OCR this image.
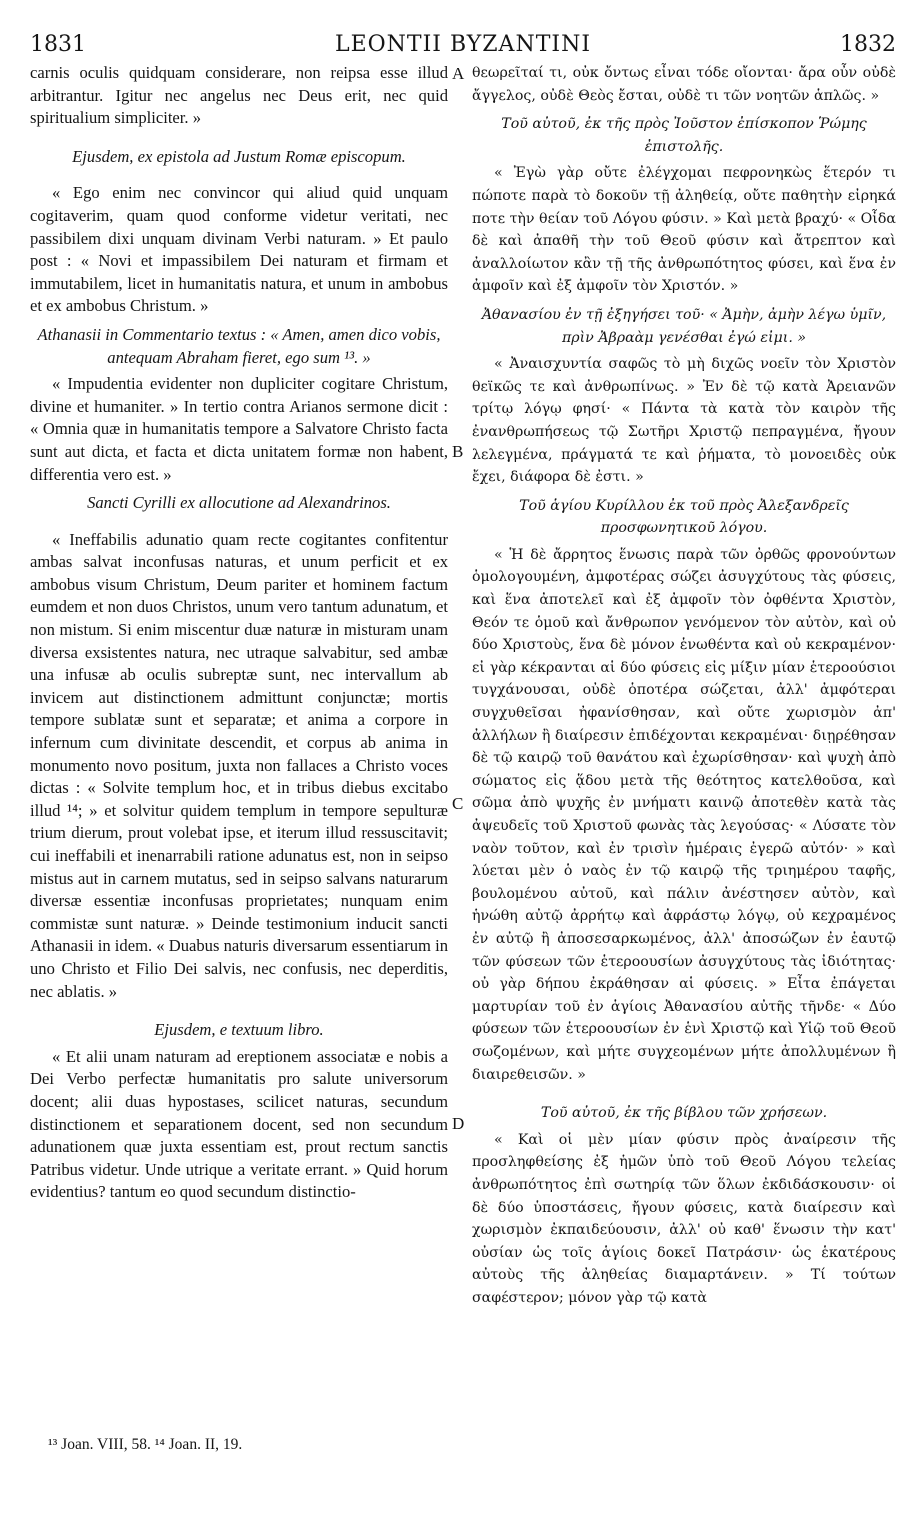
LEONTII BYZANTINI
1831	1832

carnis oculis quidquam considerare, non reipsa esse illud arbitrantur. Igitur nec angelus nec Deus erit, nec quid spiritualium simpliciter. »

Ejusdem, ex epistola ad Justum Romæ episcopum.

« Ego enim nec convincor qui aliud quid unquam cogitaverim, quam quod conforme videtur veritati, nec passibilem dixi unquam divinam Verbi naturam. » Et paulo post : « Novi et impassibilem Dei naturam et firmam et immutabilem, licet in humanitatis natura, et unum in ambobus et ex ambobus Christum. »

Athanasii in Commentario textus : « Amen, amen dico vobis, antequam Abraham fieret, ego sum ¹³. »

« Impudentia evidenter non dupliciter cogitare Christum, divine et humaniter. » In tertio contra Arianos sermone dicit : « Omnia quæ in humanitatis tempore a Salvatore Christo facta sunt aut dicta, et facta et dicta unitatem formæ non habent, differentia vero est. »

Sancti Cyrilli ex allocutione ad Alexandrinos.

« Ineffabilis adunatio quam recte cogitantes confitentur ambas salvat inconfusas naturas, et unum perficit et ex ambobus visum Christum, Deum pariter et hominem factum eumdem et non duos Christos, unum vero tantum adunatum, et non mistum. Si enim miscentur duæ naturæ in misturam unam diversa exsistentes natura, nec utraque salvabitur, sed ambæ una infusæ ab oculis subreptæ sunt, nec intervallum ab invicem aut distinctionem admittunt conjunctæ; mortis tempore sublatæ sunt et separatæ; et anima a corpore in infernum cum divinitate descendit, et corpus ab anima in monumento novo positum, juxta non fallaces a Christo voces dictas : « Solvite templum hoc, et in tribus diebus excitabo illud ¹⁴; » et solvitur quidem templum in tempore sepulturæ trium dierum, prout volebat ipse, et iterum illud ressuscitavit; cui ineffabili et inenarrabili ratione adunatus est, non in seipso mistus aut in carnem mutatus, sed in seipso salvans naturarum diversæ essentiæ inconfusas proprietates; nunquam enim commistæ sunt naturæ. » Deinde testimonium inducit sancti Athanasii in idem. « Duabus naturis diversarum essentiarum in uno Christo et Filio Dei salvis, nec confusis, nec deperditis, nec ablatis. »

Ejusdem, e textuum libro.

« Et alii unam naturam ad ereptionem associatæ e nobis a Dei Verbo perfectæ humanitatis pro salute universorum docent; alii duas hypostases, scilicet naturas, secundum distinctionem et separationem docent, sed non secundum adunationem quæ juxta essentiam est, prout rectum sanctis Patribus videtur. Unde utrique a veritate errant. » Quid horum evidentius? tantum eo quod secundum distinctio-

A
B
C
D

θεωρεῖταί τι, οὐκ ὄντως εἶναι τόδε οἴονται· ἄρα οὖν οὐδὲ ἄγγελος, οὐδὲ Θεὸς ἔσται, οὐδὲ τι τῶν νοητῶν ἁπλῶς. »

Τοῦ αὐτοῦ, ἐκ τῆς πρὸς Ἰοῦστον ἐπίσκοπον Ῥώμης ἐπιστολῆς.

« Ἐγὼ γὰρ οὔτε ἐλέγχομαι πεφρονηκὼς ἕτερόν τι πώποτε παρὰ τὸ δοκοῦν τῇ ἀληθείᾳ, οὔτε παθητὴν εἰρηκά ποτε τὴν θείαν τοῦ Λόγου φύσιν. » Καὶ μετὰ βραχύ· « Οἶδα δὲ καὶ ἀπαθῆ τὴν τοῦ Θεοῦ φύσιν καὶ ἄτρεπτον καὶ ἀναλλοίωτον κἂν τῇ τῆς ἀνθρωπότητος φύσει, καὶ ἕνα ἐν ἀμφοῖν καὶ ἐξ ἀμφοῖν τὸν Χριστόν. »

Ἀθανασίου ἐν τῇ ἐξηγήσει τοῦ· « Ἀμὴν, ἀμὴν λέγω ὑμῖν, πρὶν Ἀβραὰμ γενέσθαι ἐγώ εἰμι. »

« Ἀναισχυντία σαφῶς τὸ μὴ διχῶς νοεῖν τὸν Χριστὸν θεϊκῶς τε καὶ ἀνθρωπίνως. » Ἐν δὲ τῷ κατὰ Ἀρειανῶν τρίτῳ λόγῳ φησί· « Πάντα τὰ κατὰ τὸν καιρὸν τῆς ἐνανθρωπήσεως τῷ Σωτῆρι Χριστῷ πεπραγμένα, ἤγουν λελεγμένα, πράγματά τε καὶ ῥήματα, τὸ μονοειδὲς οὐκ ἔχει, διάφορα δὲ ἐστι. »

Τοῦ ἁγίου Κυρίλλου ἐκ τοῦ πρὸς Ἀλεξανδρεῖς προσφωνητικοῦ λόγου.

« Ἡ δὲ ἄρρητος ἕνωσις παρὰ τῶν ὀρθῶς φρονούντων ὁμολογουμένη, ἀμφοτέρας σώζει ἀσυγχύτους τὰς φύσεις, καὶ ἕνα ἀποτελεῖ καὶ ἐξ ἀμφοῖν τὸν ὀφθέντα Χριστὸν, Θεόν τε ὁμοῦ καὶ ἄνθρωπον γενόμενον τὸν αὐτὸν, καὶ οὐ δύο Χριστοὺς, ἕνα δὲ μόνον ἑνωθέντα καὶ οὐ κεκραμένον· εἰ γὰρ κέκρανται αἱ δύο φύσεις εἰς μίξιν μίαν ἑτεροούσιοι τυγχάνουσαι, οὐδὲ ὁποτέρα σώζεται, ἀλλ' ἀμφότεραι συγχυθεῖσαι ἠφανίσθησαν, καὶ οὔτε χωρισμὸν ἀπ' ἀλλήλων ἢ διαίρεσιν ἐπιδέχονται κεκραμέναι· διῃρέθησαν δὲ τῷ καιρῷ τοῦ θανάτου καὶ ἐχωρίσθησαν· καὶ ψυχὴ ἀπὸ σώματος εἰς ᾅδου μετὰ τῆς θεότητος κατελθοῦσα, καὶ σῶμα ἀπὸ ψυχῆς ἐν μνήματι καινῷ ἀποτεθὲν κατὰ τὰς ἀψευδεῖς τοῦ Χριστοῦ φωνὰς τὰς λεγούσας· « Λύσατε τὸν ναὸν τοῦτον, καὶ ἐν τρισὶν ἡμέραις ἐγερῶ αὐτόν· » καὶ λύεται μὲν ὁ ναὸς ἐν τῷ καιρῷ τῆς τριημέρου ταφῆς, βουλομένου αὐτοῦ, καὶ πάλιν ἀνέστησεν αὐτὸν, καὶ ἡνώθη αὐτῷ ἀρρήτῳ καὶ ἀφράστῳ λόγῳ, οὐ κεχραμένος ἐν αὐτῷ ἢ ἀποσεσαρκωμένος, ἀλλ' ἀποσώζων ἐν ἑαυτῷ τῶν φύσεων τῶν ἑτεροουσίων ἀσυγχύτους τὰς ἰδιότητας· οὐ γὰρ δήπου ἐκράθησαν αἱ φύσεις. » Εἶτα ἐπάγεται μαρτυρίαν τοῦ ἐν ἁγίοις Ἀθανασίου αὐτῆς τῆνδε· « Δύο φύσεων τῶν ἑτεροουσίων ἐν ἑνὶ Χριστῷ καὶ Υἱῷ τοῦ Θεοῦ σωζομένων, καὶ μήτε συγχεομένων μήτε ἀπολλυμένων ἢ διαιρεθεισῶν. »

Τοῦ αὐτοῦ, ἐκ τῆς βίβλου τῶν χρήσεων.

« Καὶ οἱ μὲν μίαν φύσιν πρὸς ἀναίρεσιν τῆς προσληφθείσης ἐξ ἡμῶν ὑπὸ τοῦ Θεοῦ Λόγου τελείας ἀνθρωπότητος ἐπὶ σωτηρίᾳ τῶν ὅλων ἐκδιδάσκουσιν· οἱ δὲ δύο ὑποστάσεις, ἤγουν φύσεις, κατὰ διαίρεσιν καὶ χωρισμὸν ἐκπαιδεύουσιν, ἀλλ' οὐ καθ' ἕνωσιν τὴν κατ' οὐσίαν ὡς τοῖς ἁγίοις δοκεῖ Πατράσιν· ὡς ἑκατέρους αὐτοὺς τῆς ἀληθείας διαμαρτάνειν. » Τί τούτων σαφέστερον; μόνον γὰρ τῷ κατὰ

¹³ Joan. VIII, 58. ¹⁴ Joan. II, 19.
